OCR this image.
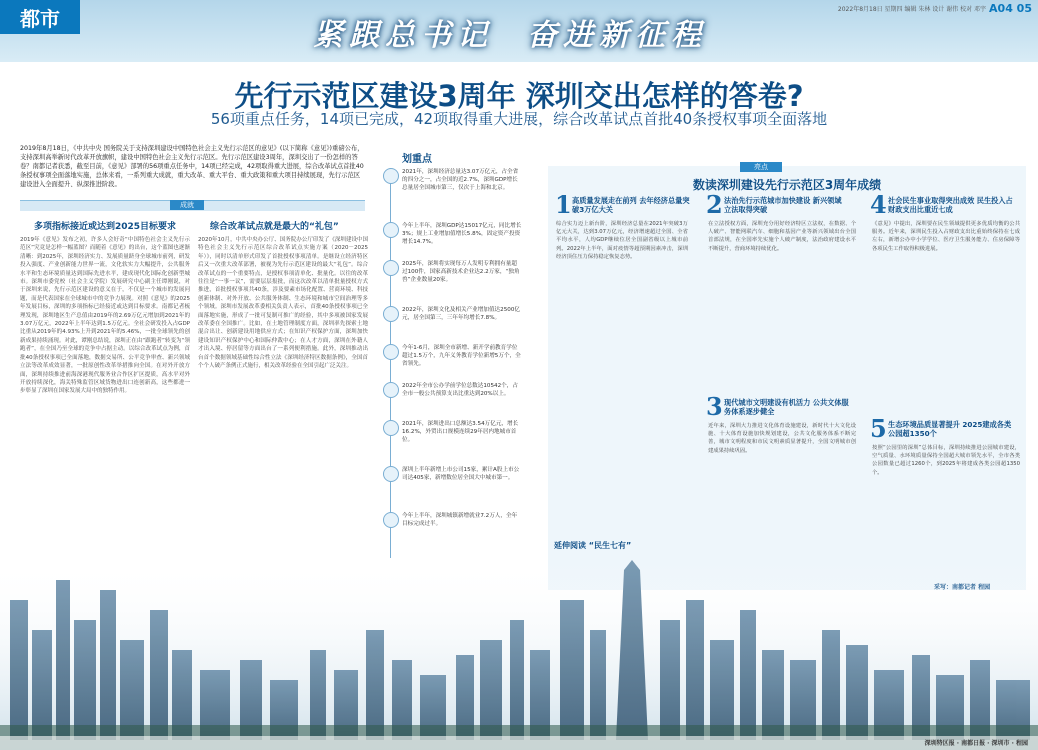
都市	2022年8月18日 星期四 编辑 朱林 设计 谢伟 校对 邓宇 A04 05
紧跟总书记 奋进新征程
先行示范区建设3周年 深圳交出怎样的答卷?
56项重点任务，14项已完成，42项取得重大进展，综合改革试点首批40条授权事项全面落地
2019年8月18日，《中共中央 国务院关于支持深圳建设中国特色社会主义先行示范区的意见》(以下简称《意见》)重磅公布，支持深圳高举新时代改革开放旗帜，建设中国特色社会主义先行示范区。先行示范区建设3周年，深圳交出了一份怎样的答卷？南都记者获悉，截至目前，《意见》部署的56项重点任务中，14项已经完成，42项取得重大进展，综合改革试点首批40条授权事项全面落地实施，总体来看，一系列重大成就，重大改革、重大平台、重大政策和重大项目持续展现，先行示范区建设进入全面提升、纵深推进阶段。
成就
多项指标接近或达到2025目标要求
2019年《意见》发布之初，许多人会好奇“中国特色社会主义先行示范区”究竟是怎样一幅蓝图？而随着《意见》的出台，这个蓝图也逐渐清晰：到2025年，深圳经济实力、发展质量跻身全球城市前列，研发投入强度、产业创新能力世界一流，文化软实力大幅提升，公共服务水平和生态环境质量达到国际先进水平，建成现代化国际化创新型城市。深圳市委党校（社会主义学院）发展研究中心副主任谭刚说，对于深圳来说，先行示范区建设的意义在于，不仅是一个城市的发展问题，而是代表国家在全球城市中的竞争力展现。对照《意见》的2025年发展目标，深圳的多项指标已经接近或达到目标要求。南都记者梳理发现，深圳地区生产总值由2019年的2.69万亿元增加到2021年的3.07万亿元，2022年上半年达到1.5万亿元。全社会研发投入占GDP比重从2019年的4.93%上升到2021年的5.46%，一批全球领先的创新成果持续涌现。对此，谭刚总结说，深圳正在由“跟跑者”转变为“领跑者”，在全国乃至全球的竞争中占据主动。以综合改革试点为例，首批40条授权事项已全面落地，数据交易所、公平竞争审查、新兴领域立法等改革成效显著，一批原创性改革举措推向全国。在对外开放方面，深圳持续推进前海深港现代服务业合作区扩区提质，高水平对外开放持续深化，海关特殊监管区域货物进出口连创新高，这些都进一步彰显了深圳在国家发展大局中的独特作用。
综合改革试点就是最大的“礼包”
2020年10月，中共中央办公厅、国务院办公厅印发了《深圳建设中国特色社会主义先行示范区综合改革试点实施方案（2020－2025年）》，同时以清单形式印发了首批授权事项清单。是继设立经济特区后又一次重大改革部署，被视为先行示范区建设的最大“礼包”。综合改革试点的一个重要特点，是授权事项清单化、批量化。以往的改革往往是“一事一议”，需要层层报批，而这次改革以清单批量授权方式推进，首批授权事项共40条，涉及要素市场化配置、营商环境、科技创新体制、对外开放、公共服务体制、生态环境和城市空间治理等多个领域。深圳市发展改革委相关负责人表示，首批40条授权事项已全面落地实施，形成了一批可复制可推广的经验，其中多项被国家发展改革委在全国推广。比如，在土地管理制度方面，深圳率先探索土地混合出让、创新建设用地供应方式；在知识产权保护方面，深圳加快建设知识产权保护中心和国际仲裁中心；在人才方面，深圳在外籍人才出入境、停居留等方面出台了一系列便利措施。此外，深圳推动出台首个数据领域基础性综合性立法《深圳经济特区数据条例》，全国首个个人破产条例正式施行，相关改革经验在全国引起广泛关注。
划重点
2021年，深圳经济总量达3.07万亿元，占全省的四分之一，占全国的近2.7%，深圳GDP增长总量居全国城市第三，仅次于上海和北京。
今年上半年，深圳GDP达15017亿元，同比增长3%；规上工业增加值增长5.8%，固定资产投资增长14.7%。
2025年，深圳将实现每万人发明专利拥有量超过100件，国家高新技术企业达2.2万家，“独角兽”企业数量20家。
2022年，深圳文化及相关产业增加值达2500亿元，居全国第三，三年年均增长7.8%。
今年1-6月，深圳全市新增、新开学前教育学位超过1.5万个，九年义务教育学位新增5万个，全省领先。
2022年全市公办学前学位总数达10542个，占全市一般公共预算支出比重达到20%以上。
2021年，深圳进出口总额达3.54万亿元，增长16.2%，外贸出口规模连续29年居内地城市首位。
深圳上半年新增上市公司15家，累计A股上市公司达405家，新增数位居全国大中城市第一。
今年上半年，深圳城镇新增就业7.2万人，全年目标完成过半。
亮点
数读深圳建设先行示范区3周年成绩
1 高质量发展走在前列 去年经济总量突破3万亿大关
综合实力迈上新台阶，深圳经济总量在2021年突破3万亿元大关，达到3.07万亿元，经济增速超过全国、全省平均水平，人均GDP继续位居全国副省级以上城市前列。2022年上半年，面对疫情等超预期因素冲击，深圳经济顶住压力保持稳定恢复态势。
2 法治先行示范城市加快建设 新兴领域立法取得突破
在立法授权方面，深圳充分用好经济特区立法权，在数据、个人破产、智能网联汽车、细胞和基因产业等新兴领域出台全国首部法规，在全国率先实施个人破产制度，法治政府建设水平不断提升，营商环境持续优化。
3 现代城市文明建设有机活力 公共文体服务体系逐步健全
近年来，深圳大力推进文化体育设施建设，新时代十大文化设施、十大体育设施加快规划建设，公共文化服务体系不断完善，城市文明程度和市民文明素质显著提升，全国文明城市创建成果持续巩固。
4 社会民生事业取得突出成效 民生投入占财政支出比重近七成
《意见》中提出，深圳要在民生领域提供更多优质均衡的公共服务。近年来，深圳民生投入占财政支出比重始终保持在七成左右，新增公办中小学学位、医疗卫生服务能力、住房保障等各项民生工作取得积极进展。
5 生态环境品质显著提升 2025建成各类公园超1350个
按照“公园里的深圳”总体目标，深圳持续推进公园城市建设，空气质量、水环境质量保持全国超大城市领先水平，全市各类公园数量已超过1260个，到2025年将建成各类公园超1350个。
延伸阅读 “民生七有”
深圳特区报 · 南都日报 · 深圳市 · 程园
